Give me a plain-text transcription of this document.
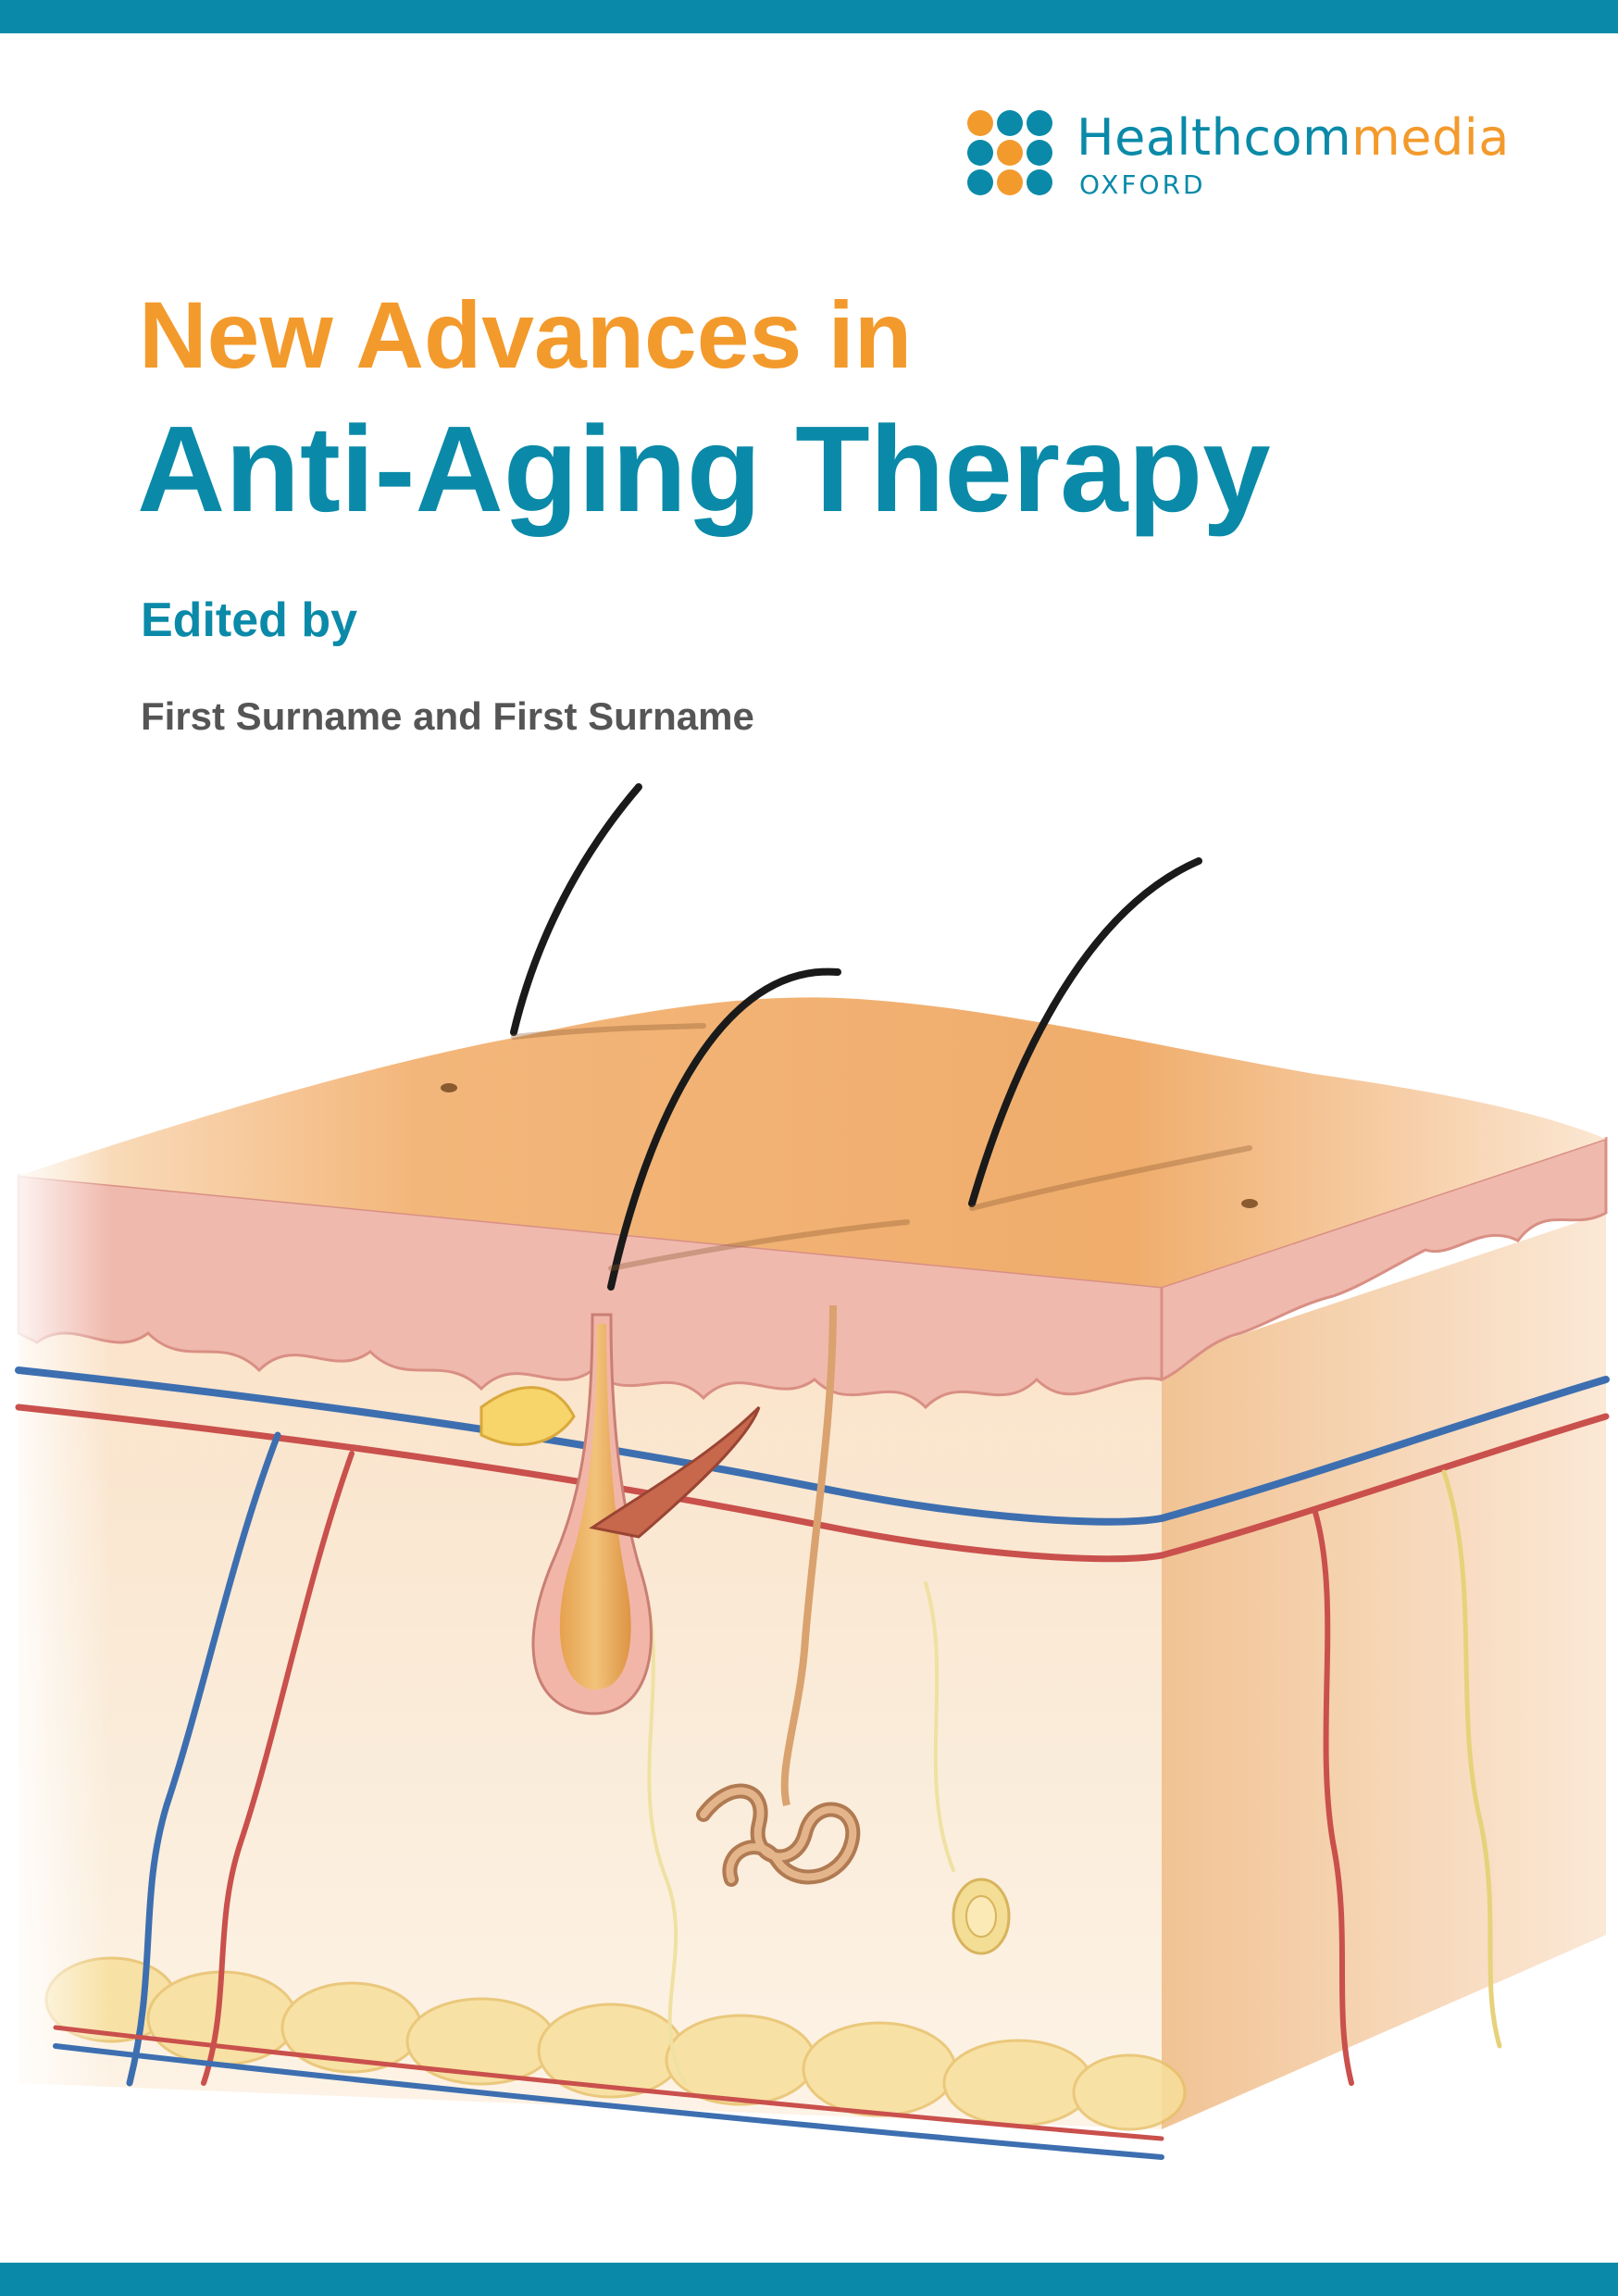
Healthcommedia
OXFORD
New Advances in
Anti-Aging Therapy
Edited by
First Surname and First Surname
